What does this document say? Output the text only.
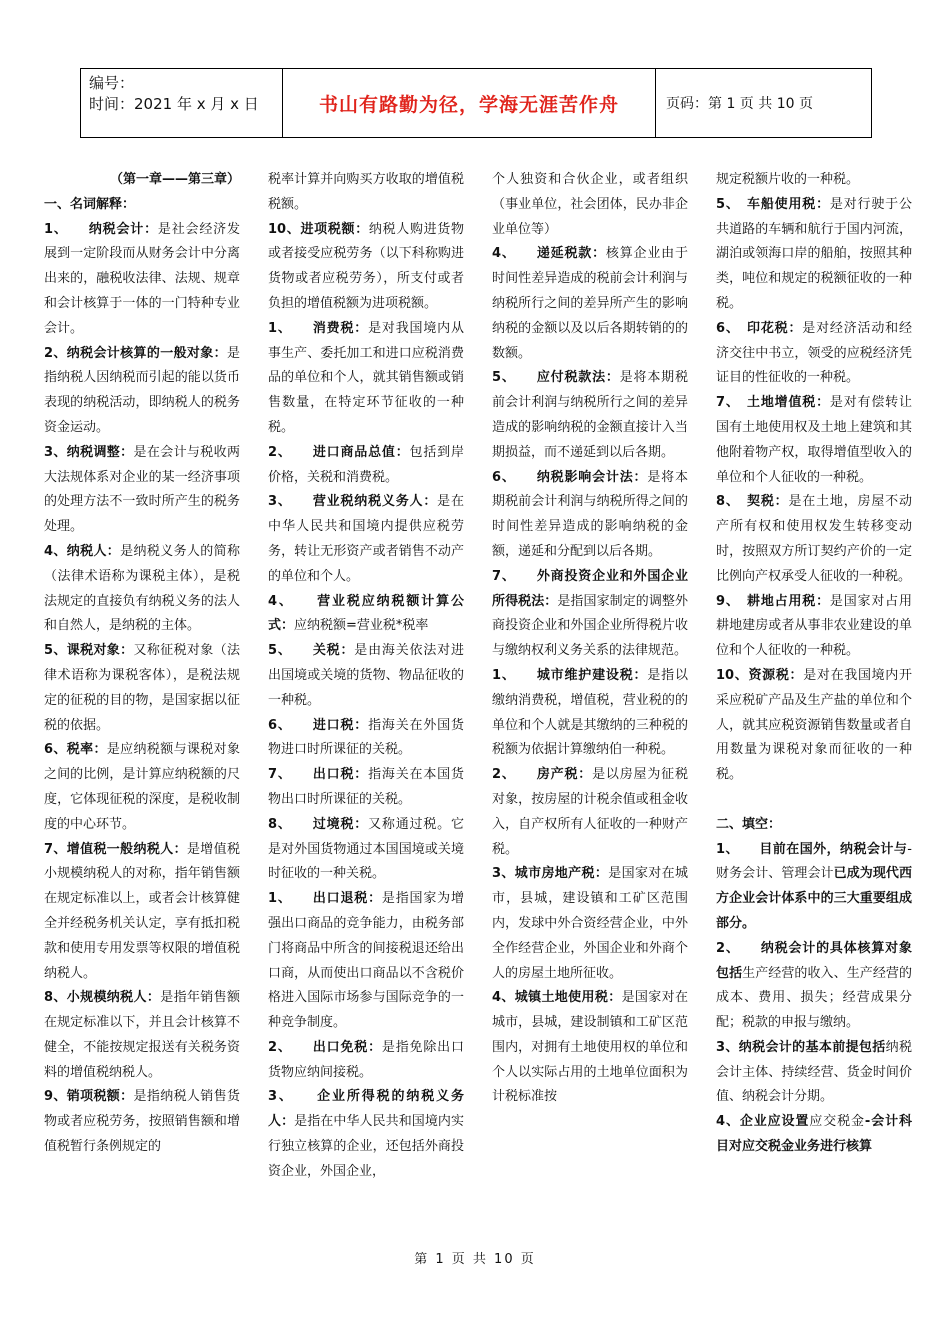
编号：
时间：2021 年 x 月 x 日	书山有路勤为径，学海无涯苦作舟	页码：第 1 页 共 10 页

（第一章——第三章）

一、名词解释：

1、　　纳税会计：是社会经济发展到一定阶段而从财务会计中分离出来的，融税收法律、法规、规章和会计核算于一体的一门特种专业会计。

2、纳税会计核算的一般对象：是指纳税人因纳税而引起的能以货币表现的纳税活动，即纳税人的税务资金运动。

3、纳税调整：是在会计与税收两大法规体系对企业的某一经济事项的处理方法不一致时所产生的税务处理。

4、纳税人：是纳税义务人的简称（法律术语称为课税主体），是税法规定的直接负有纳税义务的法人和自然人，是纳税的主体。

5、课税对象：又称征税对象（法律术语称为课税客体），是税法规定的征税的目的物，是国家据以征税的依据。

6、税率：是应纳税额与课税对象之间的比例，是计算应纳税额的尺度，它体现征税的深度，是税收制度的中心环节。

7、增值税一般纳税人：是增值税小规模纳税人的对称，指年销售额在规定标准以上，或者会计核算健全并经税务机关认定，享有抵扣税款和使用专用发票等权限的增值税纳税人。

8、小规模纳税人：是指年销售额在规定标准以下，并且会计核算不健全，不能按规定报送有关税务资料的增值税纳税人。

9、销项税额：是指纳税人销售货物或者应税劳务，按照销售额和增值税暂行条例规定的

税率计算并向购买方收取的增值税税额。

10、进项税额：纳税人购进货物或者接受应税劳务（以下科称购进货物或者应税劳务），所支付或者负担的增值税额为进项税额。

1、　　消费税：是对我国境内从事生产、委托加工和进口应税消费品的单位和个人，就其销售额或销售数量，在特定环节征收的一种税。

2、　　进口商品总值：包括到岸价格，关税和消费税。

3、　　营业税纳税义务人：是在中华人民共和国境内提供应税劳务，转让无形资产或者销售不动产的单位和个人。

4、　　营业税应纳税额计算公式：应纳税额=营业税*税率

5、　　关税：是由海关依法对进出国境或关境的货物、物品征收的一种税。

6、　　进口税：指海关在外国货物进口时所课征的关税。

7、　　出口税：指海关在本国货物出口时所课征的关税。

8、　　过境税：又称通过税。它是对外国货物通过本国国境或关境时征收的一种关税。

1、　　出口退税：是指国家为增强出口商品的竞争能力，由税务部门将商品中所含的间接税退还给出口商，从而使出口商品以不含税价格进入国际市场参与国际竞争的一种竞争制度。

2、　　出口免税：是指免除出口货物应纳间接税。

3、　　企业所得税的纳税义务人：是指在中华人民共和国境内实行独立核算的企业，还包括外商投资企业，外国企业，

个人独资和合伙企业，或者组织（事业单位，社会团体，民办非企业单位等）

4、　　递延税款：核算企业由于时间性差异造成的税前会计利润与纳税所行之间的差异所产生的影响纳税的金额以及以后各期转销的的数额。

5、　　应付税款法：是将本期税前会计利润与纳税所行之间的差异造成的影响纳税的金额直接计入当期损益，而不递延到以后各期。

6、　　纳税影响会计法：是将本期税前会计利润与纳税所得之间的时间性差异造成的影响纳税的金额，递延和分配到以后各期。

7、　　外商投资企业和外国企业所得税法：是指国家制定的调整外商投资企业和外国企业所得税片收与缴纳权利义务关系的法律规范。

1、　　城市维护建设税：是指以缴纳消费税，增值税，营业税的的单位和个人就是其缴纳的三种税的税额为依据计算缴纳伯一种税。

2、　　房产税：是以房屋为征税对象，按房屋的计税余值或租金收入，自产权所有人征收的一种财产税。

3、城市房地产税：是国家对在城市，县城，建设镇和工矿区范围内，发球中外合资经营企业，中外全作经营企业，外国企业和外商个人的房屋土地所征收。

4、城镇土地使用税：是国家对在城市，县城，建设制镇和工矿区范围内，对拥有土地使用权的单位和个人以实际占用的土地单位面积为计税标准按

规定税额片收的一种税。

5、　车船使用税：是对行驶于公共道路的车辆和航行于国内河流，湖泊或领海口岸的船舶，按照其种类，吨位和规定的税额征收的一种税。

6、　印花税：是对经济活动和经济交往中书立，领受的应税经济凭证目的性征收的一种税。

7、　土地增值税：是对有偿转让国有土地使用权及土地上建筑和其他附着物产权，取得增值型收入的单位和个人征收的一种税。

8、　契税：是在土地，房屋不动产所有权和使用权发生转移变动时，按照双方所订契约产价的一定比例向产权承受人征收的一种税。

9、　耕地占用税：是国家对占用耕地建房或者从事非农业建设的单位和个人征收的一种税。

10、资源税：是对在我国境内开采应税矿产品及生产盐的单位和个人，就其应税资源销售数量或者自用数量为课税对象而征收的一种税。

二、填空：

1、　　目前在国外，纳税会计与-财务会计、管理会计已成为现代西方企业会计体系中的三大重要组成部分。

2、　　纳税会计的具体核算对象包括生产经营的收入、生产经营的成本、费用、损失；经营成果分配；税款的申报与缴纳。

3、纳税会计的基本前提包括纳税会计主体、持续经营、货金时间价值、纳税会计分期。

4、企业应设置应交税金-会计科目对应交税金业务进行核算

第 1 页 共 10 页
